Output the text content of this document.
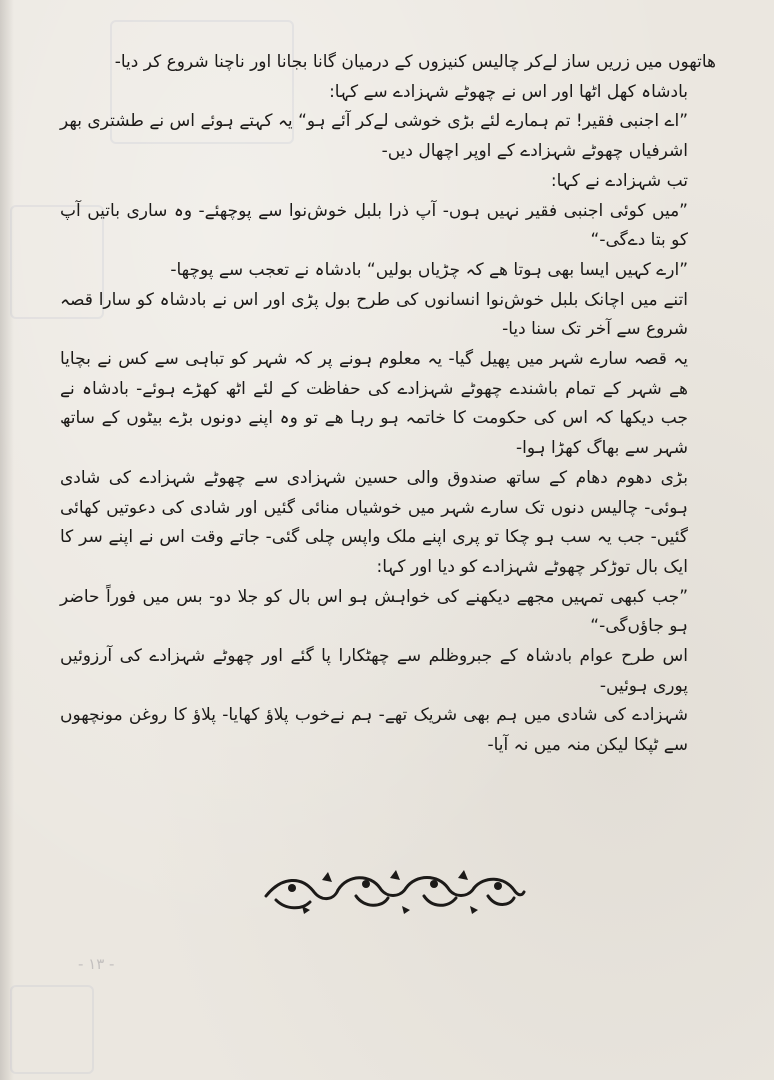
هاتھوں میں زریں ساز لےکر چالیس کنیزوں کے درمیان گانا بجانا اور ناچنا شروع کر دیا-

بادشاہ کھل اٹھا اور اس نے چھوٹے شہزادے سے کہا:

”اے اجنبی فقیر! تم ہمارے لئے بڑی خوشی لےکر آئے ہو“ یہ کہتے ہوئے اس نے طشتری بھر اشرفیاں چھوٹے شہزادے کے اوپر اچھال دیں-

تب شہزادے نے کہا:

”میں کوئی اجنبی فقیر نہیں ہوں- آپ ذرا بلبل خوش‌نوا سے پوچھئے- وہ ساری باتیں آپ کو بتا دےگی-“

”ارے کہیں ایسا بھی ہوتا ھے کہ چڑیاں بولیں“ بادشاہ نے تعجب سے پوچھا-

اتنے میں اچانک بلبل خوش‌نوا انسانوں کی طرح بول پڑی اور اس نے بادشاہ کو سارا قصہ شروع سے آخر تک سنا دیا-

یہ قصہ سارے شہر میں پھیل گیا- یہ معلوم ہونے پر کہ شہر کو تباہی سے کس نے بچایا ھے شہر کے تمام باشندے چھوٹے شہزادے کی حفاظت کے لئے اٹھ کھڑے ہوئے- بادشاہ نے جب دیکھا کہ اس کی حکومت کا خاتمہ ہو رہا ھے تو وہ اپنے دونوں بڑے بیٹوں کے ساتھ شہر سے بھاگ کھڑا ہوا-

بڑی دھوم دھام کے ساتھ صندوق والی حسین شہزادی سے چھوٹے شہزادے کی شادی ہوئی- چالیس دنوں تک سارے شہر میں خوشیاں منائی گئیں اور شادی کی دعوتیں کھائی گئیں- جب یہ سب ہو چکا تو پری اپنے ملک واپس چلی گئی- جاتے وقت اس نے اپنے سر کا ایک بال توڑکر چھوٹے شہزادے کو دیا اور کہا:

”جب کبھی تمہیں مجھے دیکھنے کی خواہش ہو اس بال کو جلا دو- بس میں فوراً حاضر ہو جاؤں‌گی-“

اس طرح عوام بادشاہ کے جبروظلم سے چھٹکارا پا گئے اور چھوٹے شہزادے کی آرزوئیں پوری ہوئیں-

شہزادے کی شادی میں ہم بھی شریک تھے- ہم نےخوب پلاؤ کھایا- پلاؤ کا روغن مونچھوں سے ٹپکا لیکن منہ میں نہ آیا-

- ۱۳ -
